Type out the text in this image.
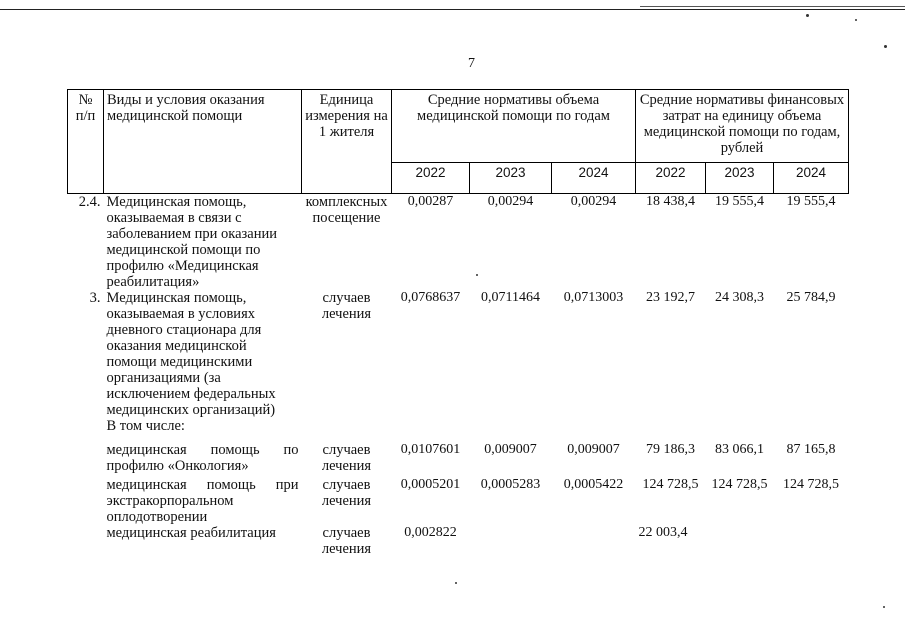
7
№ п/п	Виды и условия оказания медицинской помощи	Единица измерения на 1 жителя	Средние нормативы объема медицинской помощи по годам			Средние нормативы финансовых затрат на единицу объема медицинской помощи по годам, рублей		
			2022	2023	2024	2022	2023	2024
2.4.	Медицинская помощь, оказываемая в связи с заболеванием при оказании медицинской помощи по профилю «Медицинская реабилитация»	комплексных посещение	0,00287	0,00294	0,00294	18 438,4	19 555,4	19 555,4
3.	Медицинская помощь, оказываемая в условиях дневного стационара для оказания медицинской помощи медицинскими организациями (за исключением федеральных медицинских организаций)	случаев лечения	0,0768637	0,0711464	0,0713003	23 192,7	24 308,3	25 784,9
	В том числе:							
	медицинская помощь по профилю «Онкология»	случаев лечения	0,0107601	0,009007	0,009007	79 186,3	83 066,1	87 165,8
	медицинская помощь при экстракорпоральном оплодотворении	случаев лечения	0,0005201	0,0005283	0,0005422	124 728,5	124 728,5	124 728,5
	медицинская реабилитация	случаев лечения	0,002822			22 003,4		
